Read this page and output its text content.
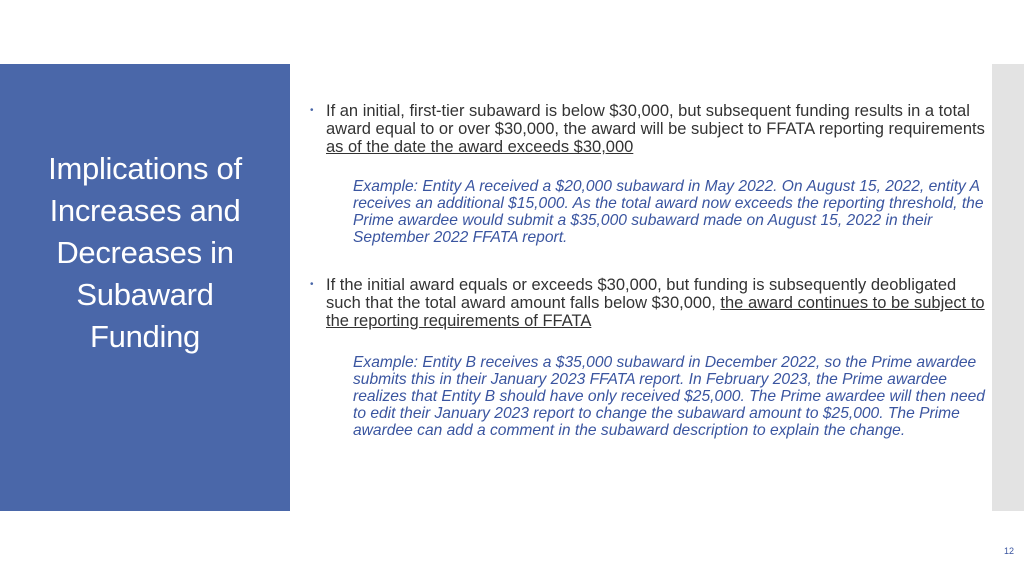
Implications of Increases and Decreases in Subaward Funding
• If an initial, first-tier subaward is below $30,000, but subsequent funding results in a total award equal to or over $30,000, the award will be subject to FFATA reporting requirements as of the date the award exceeds $30,000
Example: Entity A received a $20,000 subaward in May 2022. On August 15, 2022, entity A receives an additional $15,000. As the total award now exceeds the reporting threshold, the Prime awardee would submit a $35,000 subaward made on August 15, 2022 in their September 2022 FFATA report.
• If the initial award equals or exceeds $30,000, but funding is subsequently deobligated such that the total award amount falls below $30,000, the award continues to be subject to the reporting requirements of FFATA
Example: Entity B receives a $35,000 subaward in December 2022, so the Prime awardee submits this in their January 2023 FFATA report. In February 2023, the Prime awardee realizes that Entity B should have only received $25,000. The Prime awardee will then need to edit their January 2023 report to change the subaward amount to $25,000. The Prime awardee can add a comment in the subaward description to explain the change.
12
